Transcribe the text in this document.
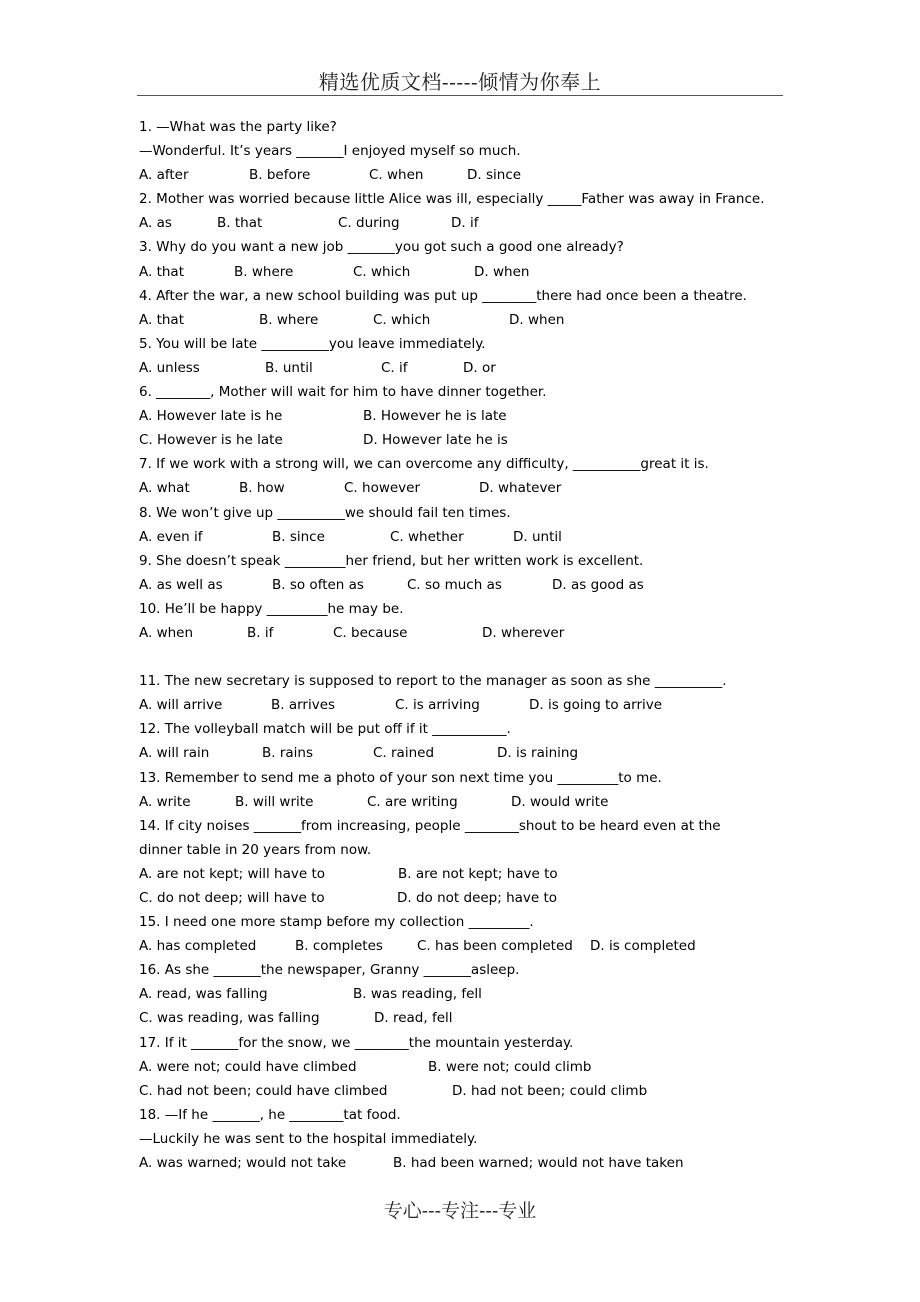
精选优质文档-----倾情为你奉上
1. —What was the party like?
—Wonderful. It’s years _______I enjoyed myself so much.
A. after	B. before	C. when	D. since
2. Mother was worried because little Alice was ill, especially _____Father was away in France.
A. as	B. that	C. during	D. if
3. Why do you want a new job _______you got such a good one already?
A. that	B. where	C. which	D. when
4. After the war, a new school building was put up ________there had once been a theatre.
A. that	B. where	C. which	D. when
5. You will be late __________you leave immediately.
A. unless	B. until	C. if	D. or
6. ________, Mother will wait for him to have dinner together.
A. However late is he	B. However he is late
C. However is he late	D. However late he is
7. If we work with a strong will, we can overcome any difficulty, __________great it is.
A. what	B. how	C. however	D. whatever
8. We won’t give up __________we should fail ten times.
A. even if	B. since	C. whether	D. until
9. She doesn’t speak _________her friend, but her written work is excellent.
A. as well as	B. so often as	C. so much as	D. as good as
10. He’ll be happy _________he may be.
A. when	B. if	C. because	D. wherever
11. The new secretary is supposed to report to the manager as soon as she __________.
A. will arrive	B. arrives	C. is arriving	D. is going to arrive
12. The volleyball match will be put off if it ___________.
A. will rain	B. rains	C. rained	D. is raining
13. Remember to send me a photo of your son next time you _________to me.
A. write	B. will write	C. are writing	D. would write
14. If city noises _______from increasing, people ________shout to be heard even at the
dinner table in 20 years from now.
A. are not kept; will have to	B. are not kept; have to
C. do not deep; will have to	D. do not deep; have to
15. I need one more stamp before my collection _________.
A. has completed	B. completes	C. has been completed	D. is completed
16. As she _______the newspaper, Granny _______asleep.
A. read, was falling	B. was reading, fell
C. was reading, was falling	D. read, fell
17. If it _______for the snow, we ________the mountain yesterday.
A. were not; could have climbed	B. were not; could climb
C. had not been; could have climbed	D. had not been; could climb
18. —If he _______, he ________tat food.
—Luckily he was sent to the hospital immediately.
A. was warned; would not take	B. had been warned; would not have taken
专心---专注---专业
